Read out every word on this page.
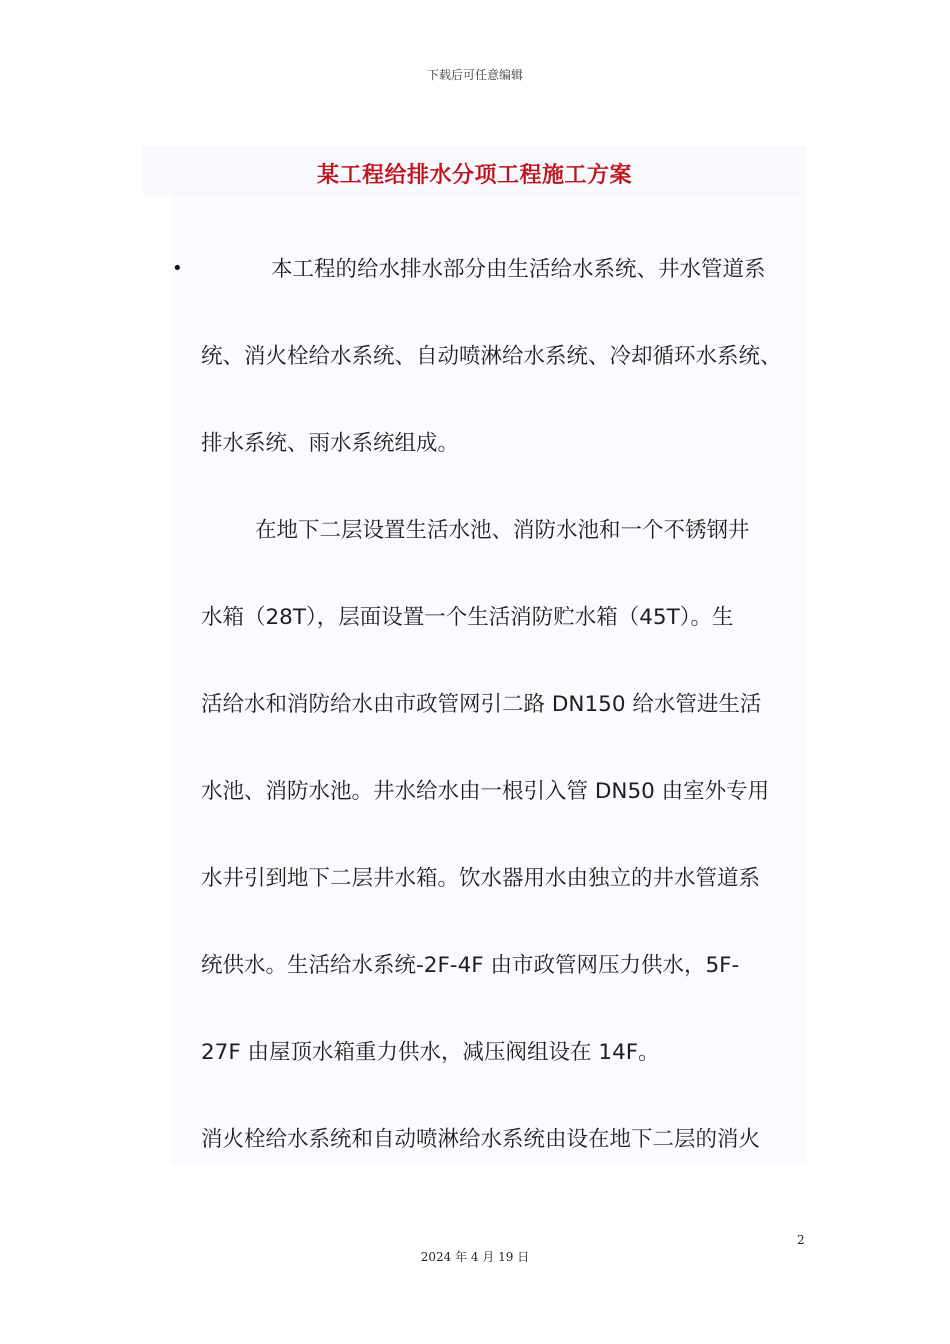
下载后可任意编辑
某工程给排水分项工程施工方案
•	本工程的给水排水部分由生活给水系统、井水管道系
统、消火栓给水系统、自动喷淋给水系统、冷却循环水系统、
排水系统、雨水系统组成。
在地下二层设置生活水池、消防水池和一个不锈钢井
水箱（28T），层面设置一个生活消防贮水箱（45T）。生
活给水和消防给水由市政管网引二路 DN150 给水管进生活
水池、消防水池。井水给水由一根引入管 DN50 由室外专用
水井引到地下二层井水箱。饮水器用水由独立的井水管道系
统供水。生活给水系统-2F-4F 由市政管网压力供水，5F-
27F 由屋顶水箱重力供水，减压阀组设在 14F。
消火栓给水系统和自动喷淋给水系统由设在地下二层的消火
2
2024 年 4 月 19 日
